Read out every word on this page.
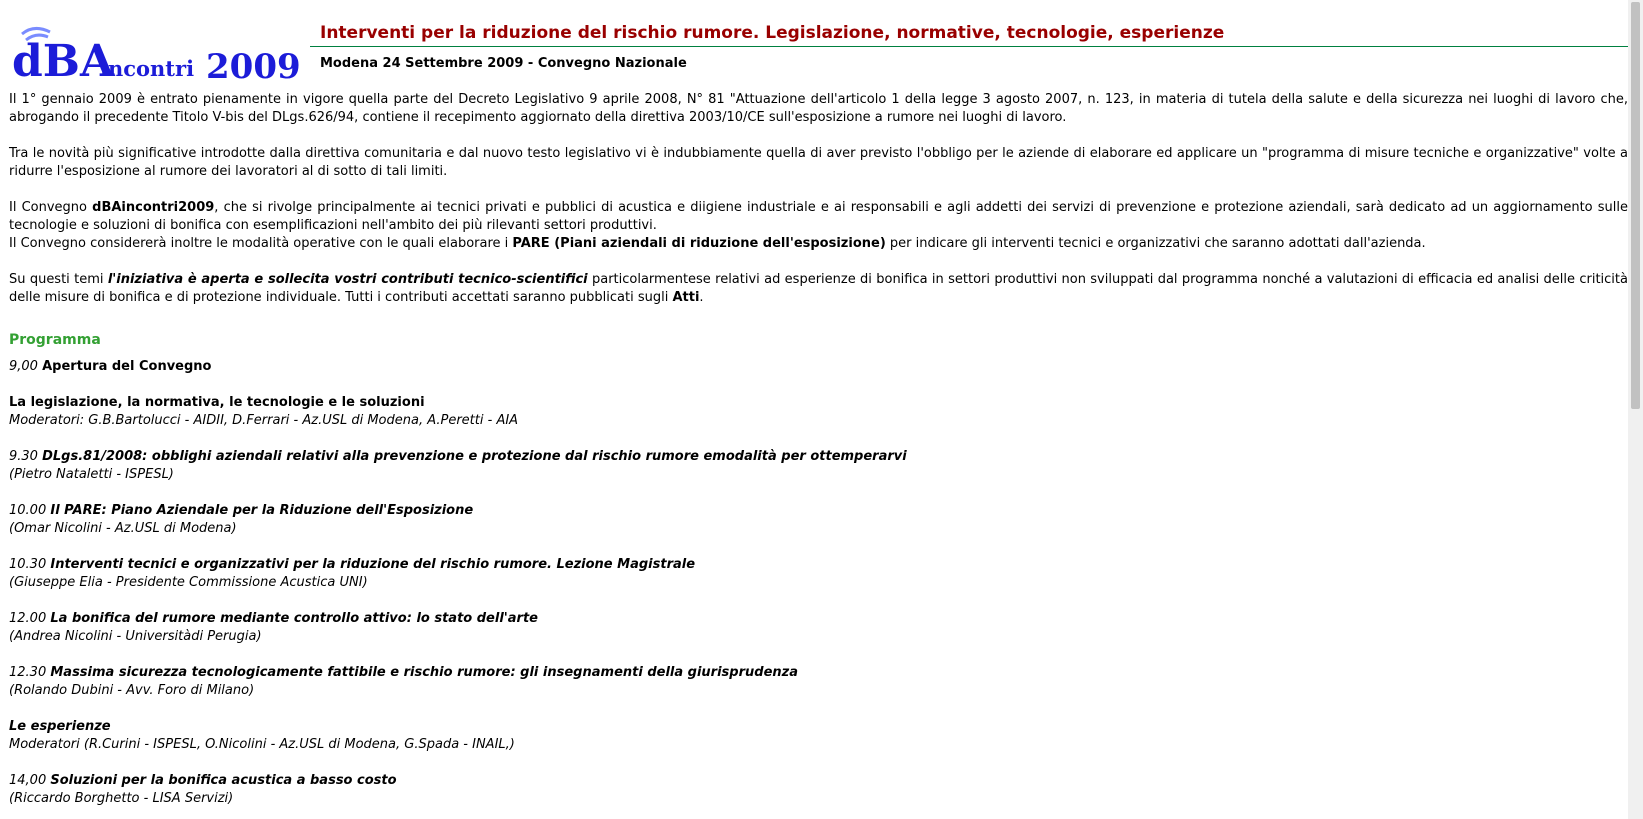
dBA
incontri 2009
Interventi per la riduzione del rischio rumore. Legislazione, normative, tecnologie, esperienze
Modena 24 Settembre 2009 - Convegno Nazionale

Il 1° gennaio 2009 è entrato pienamente in vigore quella parte del Decreto Legislativo 9 aprile 2008, N° 81 "Attuazione dell'articolo 1 della legge 3 agosto 2007, n. 123, in materia di tutela della salute e della sicurezza nei luoghi di lavoro che, abrogando il precedente Titolo V-bis del DLgs.626/94, contiene il recepimento aggiornato della direttiva 2003/10/CE sull'esposizione a rumore nei luoghi di lavoro.

Tra le novità più significative introdotte dalla direttiva comunitaria e dal nuovo testo legislativo vi è indubbiamente quella di aver previsto l'obbligo per le aziende di elaborare ed applicare un "programma di misure tecniche e organizzative" volte a ridurre l'esposizione al rumore dei lavoratori al di sotto di tali limiti.

Il Convegno dBAincontri2009, che si rivolge principalmente ai tecnici privati e pubblici di acustica e diigiene industriale e ai responsabili e agli addetti dei servizi di prevenzione e protezione aziendali, sarà dedicato ad un aggiornamento sulle tecnologie e soluzioni di bonifica con esemplificazioni nell'ambito dei più rilevanti settori produttivi.

Il Convegno considererà inoltre le modalità operative con le quali elaborare i PARE (Piani aziendali di riduzione dell'esposizione) per indicare gli interventi tecnici e organizzativi che saranno adottati dall'azienda.

Su questi temi l'iniziativa è aperta e sollecita vostri contributi tecnico-scientifici particolarmentese relativi ad esperienze di bonifica in settori produttivi non sviluppati dal programma nonché a valutazioni di efficacia ed analisi delle criticità delle misure di bonifica e di protezione individuale. Tutti i contributi accettati saranno pubblicati sugli Atti.

Programma
9,00 Apertura del Convegno
La legislazione, la normativa, le tecnologie e le soluzioni
Moderatori: G.B.Bartolucci - AIDII, D.Ferrari - Az.USL di Modena, A.Peretti - AIA
9.30 DLgs.81/2008: obblighi aziendali relativi alla prevenzione e protezione dal rischio rumore emodalità per ottemperarvi
(Pietro Nataletti - ISPESL)
10.00 Il PARE: Piano Aziendale per la Riduzione dell'Esposizione
(Omar Nicolini - Az.USL di Modena)
10.30 Interventi tecnici e organizzativi per la riduzione del rischio rumore. Lezione Magistrale
(Giuseppe Elia - Presidente Commissione Acustica UNI)
12.00 La bonifica del rumore mediante controllo attivo: lo stato dell'arte
(Andrea Nicolini - Universitàdi Perugia)
12.30 Massima sicurezza tecnologicamente fattibile e rischio rumore: gli insegnamenti della giurisprudenza
(Rolando Dubini - Avv. Foro di Milano)
Le esperienze
Moderatori (R.Curini - ISPESL, O.Nicolini - Az.USL di Modena, G.Spada - INAIL,)
14,00 Soluzioni per la bonifica acustica a basso costo
(Riccardo Borghetto - LISA Servizi)
